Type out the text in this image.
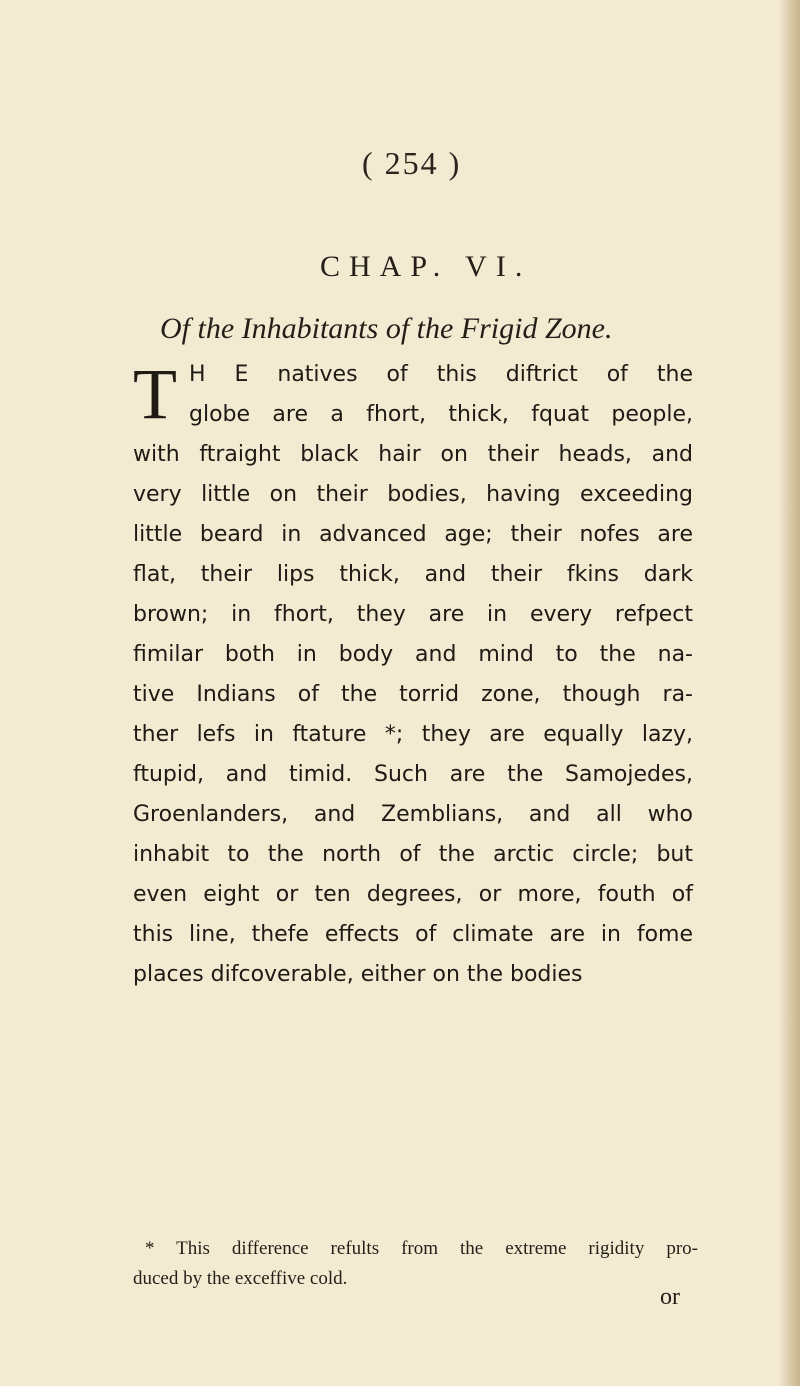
( 254 )
CHAP. VI.
Of the Inhabitants of the Frigid Zone.
T H E natives of this diftrict of the
globe are a fhort, thick, fquat people,
with ftraight black hair on their heads, and
very little on their bodies, having exceeding
little beard in advanced age; their nofes are
flat, their lips thick, and their fkins dark
brown; in fhort, they are in every refpect
fimilar both in body and mind to the na-
tive Indians of the torrid zone, though ra-
ther lefs in ftature *; they are equally lazy,
ftupid, and timid. Such are the Samojedes,
Groenlanders, and Zemblians, and all who
inhabit to the north of the arctic circle; but
even eight or ten degrees, or more, fouth of
this line, thefe effects of climate are in fome
places difcoverable, either on the bodies
* This difference refults from the extreme rigidity pro-
duced by the exceffive cold.
or
